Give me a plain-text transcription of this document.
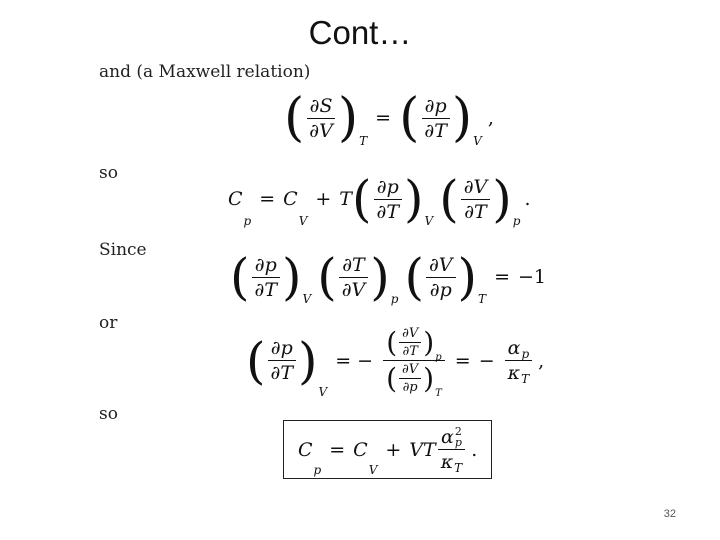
Cont…
and (a Maxwell relation)
( $\frac{\partial S}{\partial V}$ ) T
= ( $\frac{\partial p}{\partial T}$ ) V
,
so
C
p
= C
V
+ T ( $\frac{\partial p}{\partial T}$ ) V ( $\frac{\partial V}{\partial T}$ ) p
.
Since ( $\frac{\partial p}{\partial T}$ ) V ( $\frac{\partial T}{\partial V}$ ) p ( $\frac{\partial V}{\partial p}$ ) T
= −1
or
( $\frac{\partial p}{\partial T}$ )
V
= − $\frac{( \frac{\partial V}{\partial T} ) p}{( \frac{\partial V}{\partial p} ) T}$ = − $\frac{\text{α p}}{\text{κ T}}$ ,
so
C
p
= C
V
+ VT α 2
p
κ T .
32
